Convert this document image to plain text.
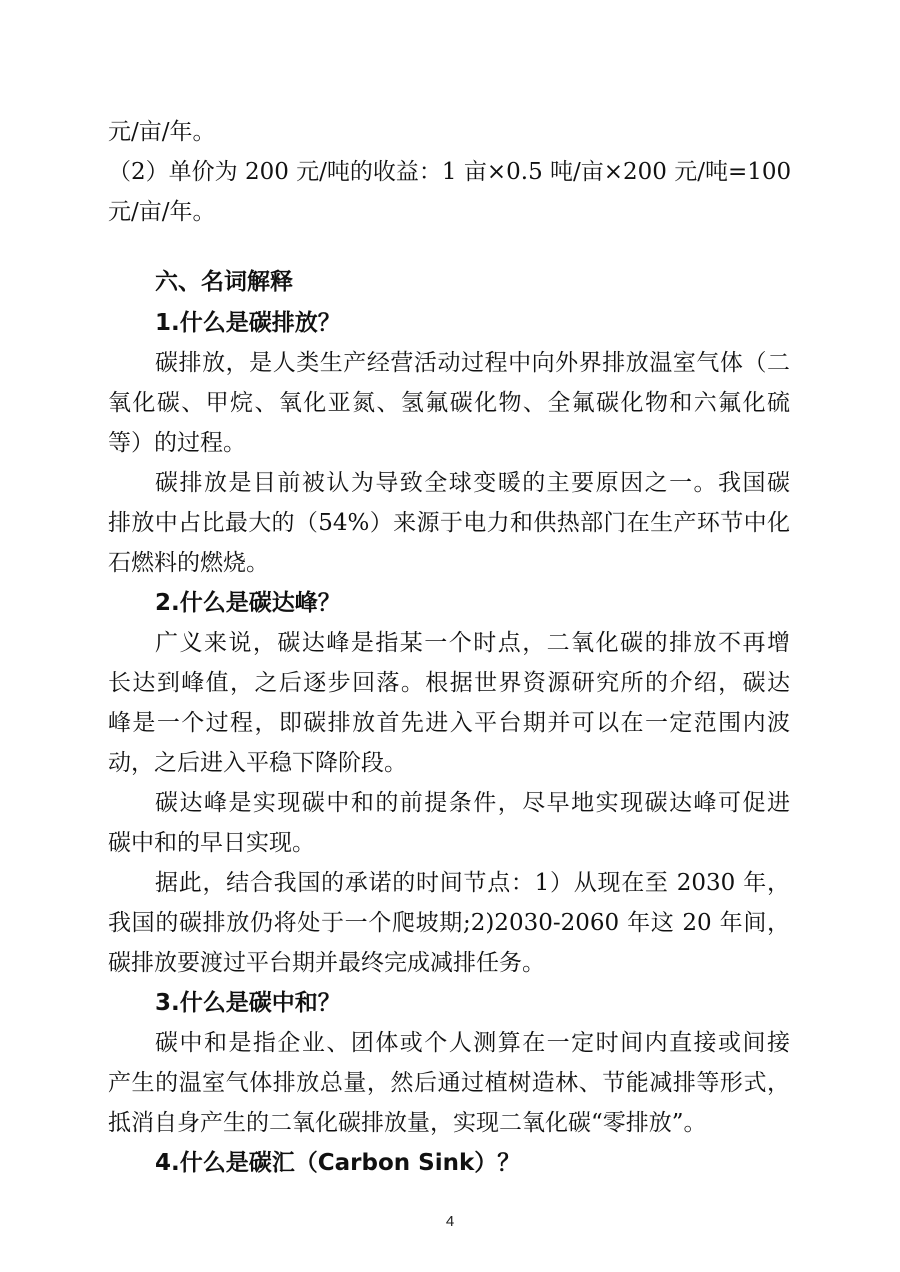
元/亩/年。
（2）单价为 200 元/吨的收益：1 亩×0.5 吨/亩×200 元/吨=100
元/亩/年。
六、名词解释
1.什么是碳排放？
碳排放，是人类生产经营活动过程中向外界排放温室气体（二
氧化碳、甲烷、氧化亚氮、氢氟碳化物、全氟碳化物和六氟化硫
等）的过程。
碳排放是目前被认为导致全球变暖的主要原因之一。我国碳
排放中占比最大的（54%）来源于电力和供热部门在生产环节中化
石燃料的燃烧。
2.什么是碳达峰？
广义来说，碳达峰是指某一个时点，二氧化碳的排放不再增
长达到峰值，之后逐步回落。根据世界资源研究所的介绍，碳达
峰是一个过程，即碳排放首先进入平台期并可以在一定范围内波
动，之后进入平稳下降阶段。
碳达峰是实现碳中和的前提条件，尽早地实现碳达峰可促进
碳中和的早日实现。
据此，结合我国的承诺的时间节点：1）从现在至 2030 年，
我国的碳排放仍将处于一个爬坡期;2)2030-2060 年这 20 年间，
碳排放要渡过平台期并最终完成减排任务。
3.什么是碳中和？
碳中和是指企业、团体或个人测算在一定时间内直接或间接
产生的温室气体排放总量，然后通过植树造林、节能减排等形式，
抵消自身产生的二氧化碳排放量，实现二氧化碳“零排放”。
4.什么是碳汇（Carbon Sink）？
4
